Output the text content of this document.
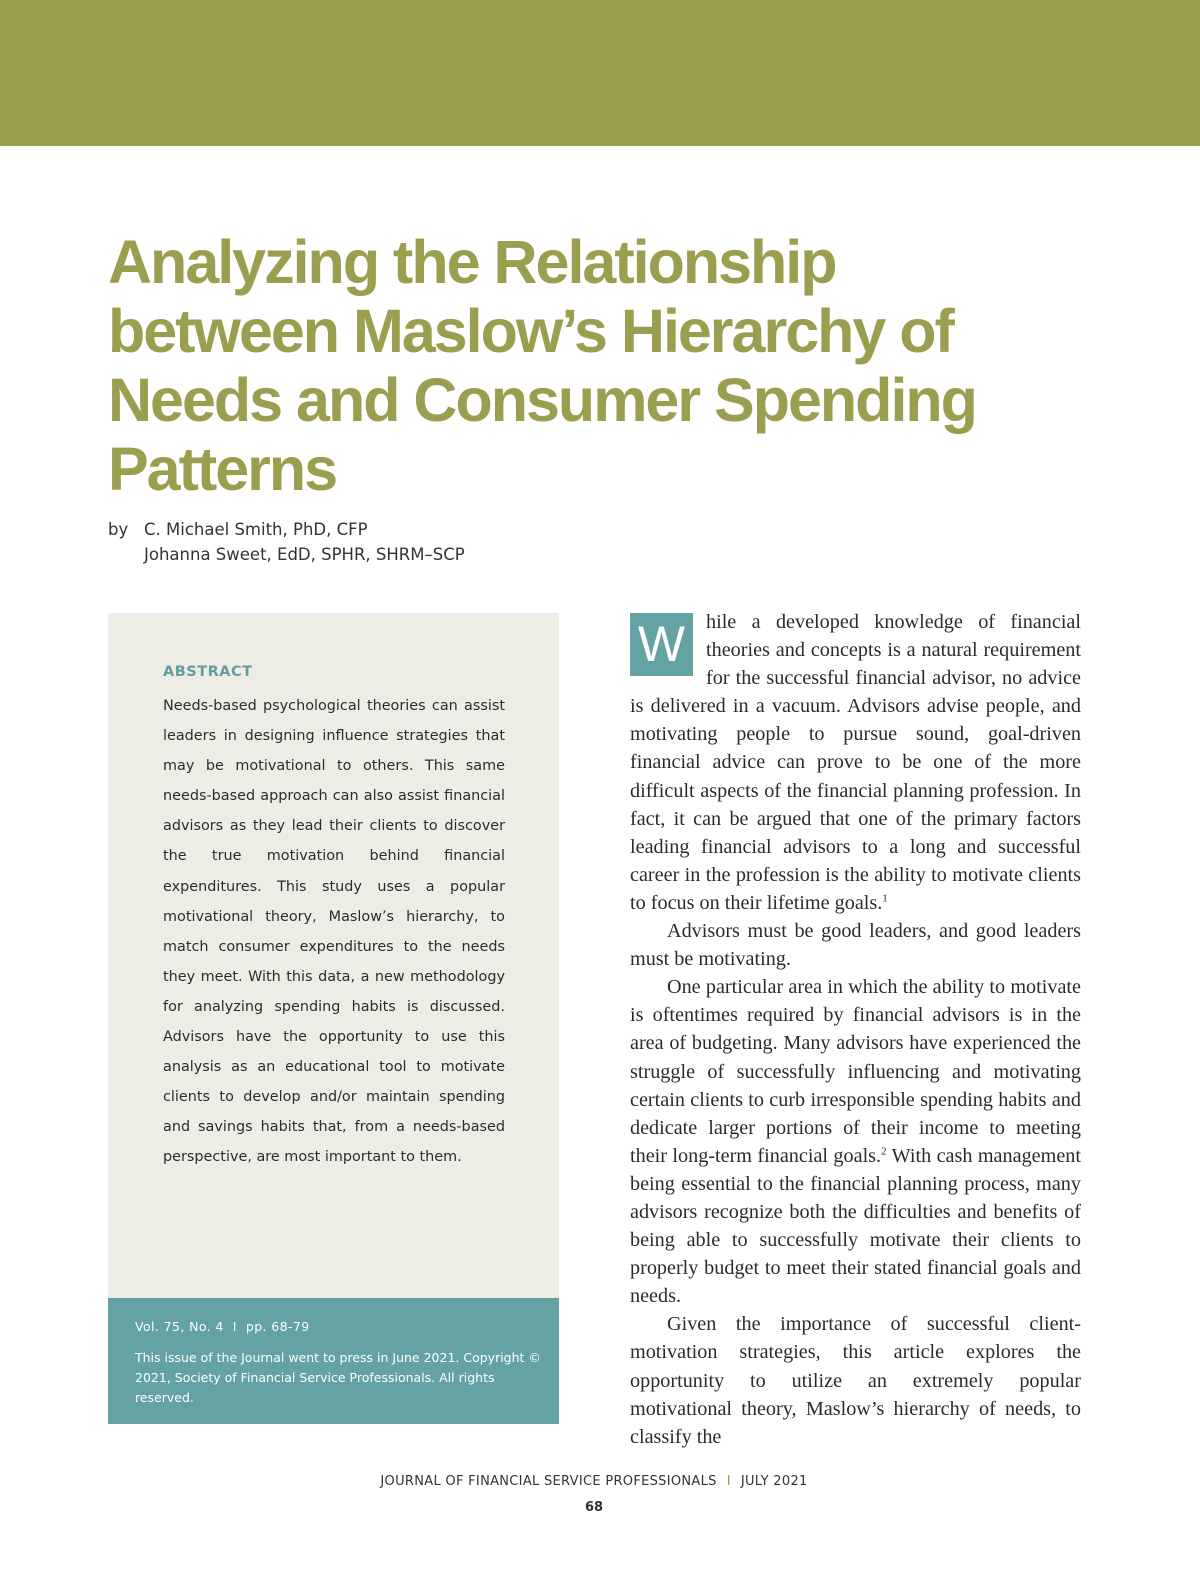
Analyzing the Relationship between Maslow’s Hierarchy of Needs and Consumer Spending Patterns
by C. Michael Smith, PhD, CFP
Johanna Sweet, EdD, SPHR, SHRM–SCP
ABSTRACT

Needs-based psychological theories can assist leaders in designing influence strategies that may be motivational to others. This same needs-based approach can also assist financial advisors as they lead their clients to discover the true motivation behind financial expenditures. This study uses a popular motivational theory, Maslow’s hierarchy, to match consumer expenditures to the needs they meet. With this data, a new methodology for analyzing spending habits is discussed. Advisors have the opportunity to use this analysis as an educational tool to motivate clients to develop and/or maintain spending and savings habits that, from a needs-based perspective, are most important to them.

Vol. 75, No. 4 I pp. 68-79

This issue of the Journal went to press in June 2021. Copyright © 2021, Society of Financial Service Professionals. All rights reserved.

W	hile a developed knowledge of financial theories and concepts is a natural requirement for the successful financial advisor, no advice is delivered in a vacuum. Advisors advise people, and motivating people to pursue sound, goal-driven financial advice can prove to be one of the more difficult aspects of the financial planning profession. In fact, it can be argued that one of the primary factors leading financial advisors to a long and successful career in the profession is the ability to motivate clients to focus on their lifetime goals.$^1$

Advisors must be good leaders, and good leaders must be motivating.

One particular area in which the ability to motivate is oftentimes required by financial advisors is in the area of budgeting. Many advisors have experienced the struggle of successfully influencing and motivating certain clients to curb irresponsible spending habits and dedicate larger portions of their income to meeting their long-term financial goals.$^2$ With cash management being essential to the financial planning process, many advisors recognize both the difficulties and benefits of being able to successfully motivate their clients to properly budget to meet their stated financial goals and needs.

Given the importance of successful client-motivation strategies, this article explores the opportunity to utilize an extremely popular motivational theory, Maslow’s hierarchy of needs, to classify the

JOURNAL OF FINANCIAL SERVICE PROFESSIONALS I JULY 2021
68
